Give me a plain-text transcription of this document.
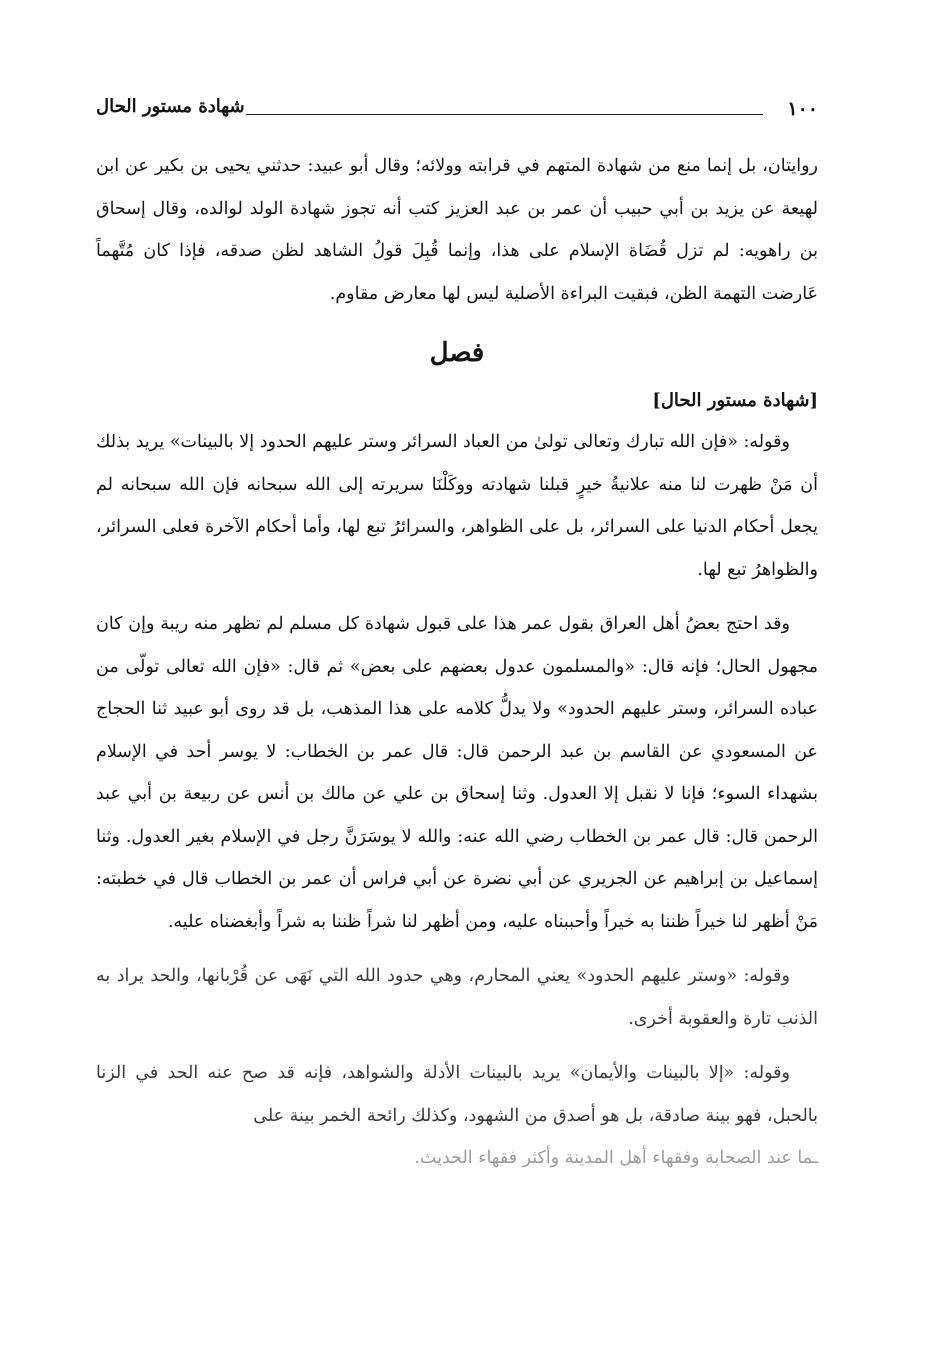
١٠٠
شهادة مستور الحال

روايتان، بل إنما منع من شهادة المتهم في قرابته وولائه؛ وقال أبو عبيد: حدثني يحيى بن بكير عن ابن لهيعة عن يزيد بن أبي حبيب أن عمر بن عبد العزيز كتب أنه تجوز شهادة الولد لوالده، وقال إسحاق بن راهويه: لم تزل قُضَاة الإسلام على هذا، وإنما قُبِلَ قولُ الشاهد لظن صدقه، فإذا كان مُتَّهماً عَارضت التهمة الظن، فبقيت البراءة الأصلية ليس لها معارض مقاوم.

فصل

[شهادة مستور الحال]

وقوله: «فإن الله تبارك وتعالى تولىٰ من العباد السرائر وستر عليهم الحدود إلا بالبينات» يريد بذلك أن مَنْ ظهرت لنا منه علانيةُ خيرٍ قبلنا شهادته ووكَلْنَا سريرته إلى الله سبحانه فإن الله سبحانه لم يجعل أحكام الدنيا على السرائر، بل على الظواهر، والسرائرُ تبع لها، وأما أحكام الآخرة فعلى السرائر، والظواهرُ تبع لها.

وقد احتج بعضُ أهل العراق بقول عمر هذا على قبول شهادة كل مسلم لم تظهر منه ريبة وإن كان مجهول الحال؛ فإنه قال: «والمسلمون عدول بعضهم على بعض» ثم قال: «فإن الله تعالى تولّى من عباده السرائر، وستر عليهم الحدود» ولا يدلُّ كلامه على هذا المذهب، بل قد روى أبو عبيد ثنا الحجاج عن المسعودي عن القاسم بن عبد الرحمن قال: قال عمر بن الخطاب: لا يوسر أحد في الإسلام بشهداء السوء؛ فإنا لا نقبل إلا العدول. وثنا إسحاق بن علي عن مالك بن أنس عن ربيعة بن أبي عبد الرحمن قال: قال عمر بن الخطاب رضي الله عنه: والله لا يوسَرَنَّ رجل في الإسلام بغير العدول. وثنا إسماعيل بن إبراهيم عن الجريري عن أبي نضرة عن أبي فراس أن عمر بن الخطاب قال في خطبته: مَنْ أظهر لنا خيراً ظننا به خيراً وأحببناه عليه، ومن أظهر لنا شراً ظننا به شراً وأبغضناه عليه.

وقوله: «وستر عليهم الحدود» يعني المحارم، وهي حدود الله التي نَهَى عن قُرْبانها، والحد يراد به الذنب تارة والعقوبة أخرى.

وقوله: «إلا بالبينات والأيمان» يريد بالبينات الأدلة والشواهد، فإنه قد صح عنه الحد في الزنا بالحبل، فهو بينة صادقة، بل هو أصدق من الشهود، وكذلك رائحة الخمر بينة على

ـما عند الصحابة وفقهاء أهل المدينة وأكثر فقهاء الحديث.
